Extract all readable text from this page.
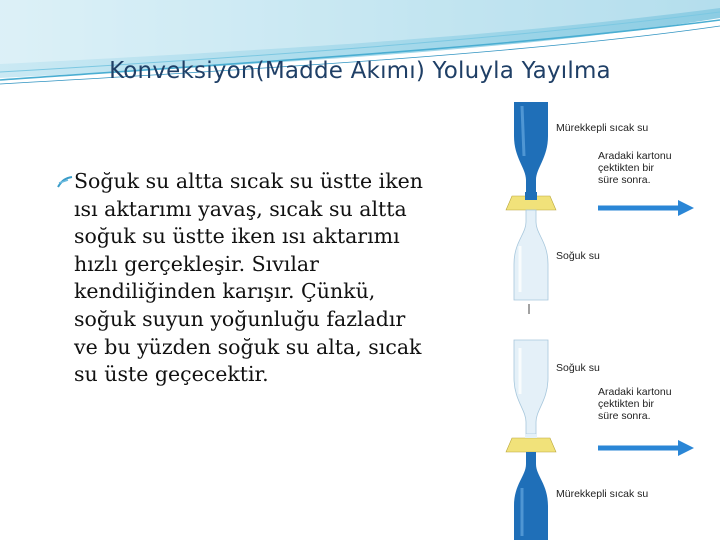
Konveksiyon(Madde Akımı) Yoluyla Yayılma

Soğuk su altta sıcak su üstte iken ısı aktarımı yavaş, sıcak su altta soğuk su üstte iken ısı aktarımı hızlı gerçekleşir. Sıvılar kendiliğinden karışır. Çünkü, soğuk suyun yoğunluğu fazladır ve bu yüzden soğuk su alta, sıcak su üste geçecektir.

Mürekkepli sıcak su
Aradaki kartonu
çektikten bir
süre sonra.
Soğuk su
Soğuk su
Aradaki kartonu
çektikten bir
süre sonra.
Mürekkepli sıcak su
